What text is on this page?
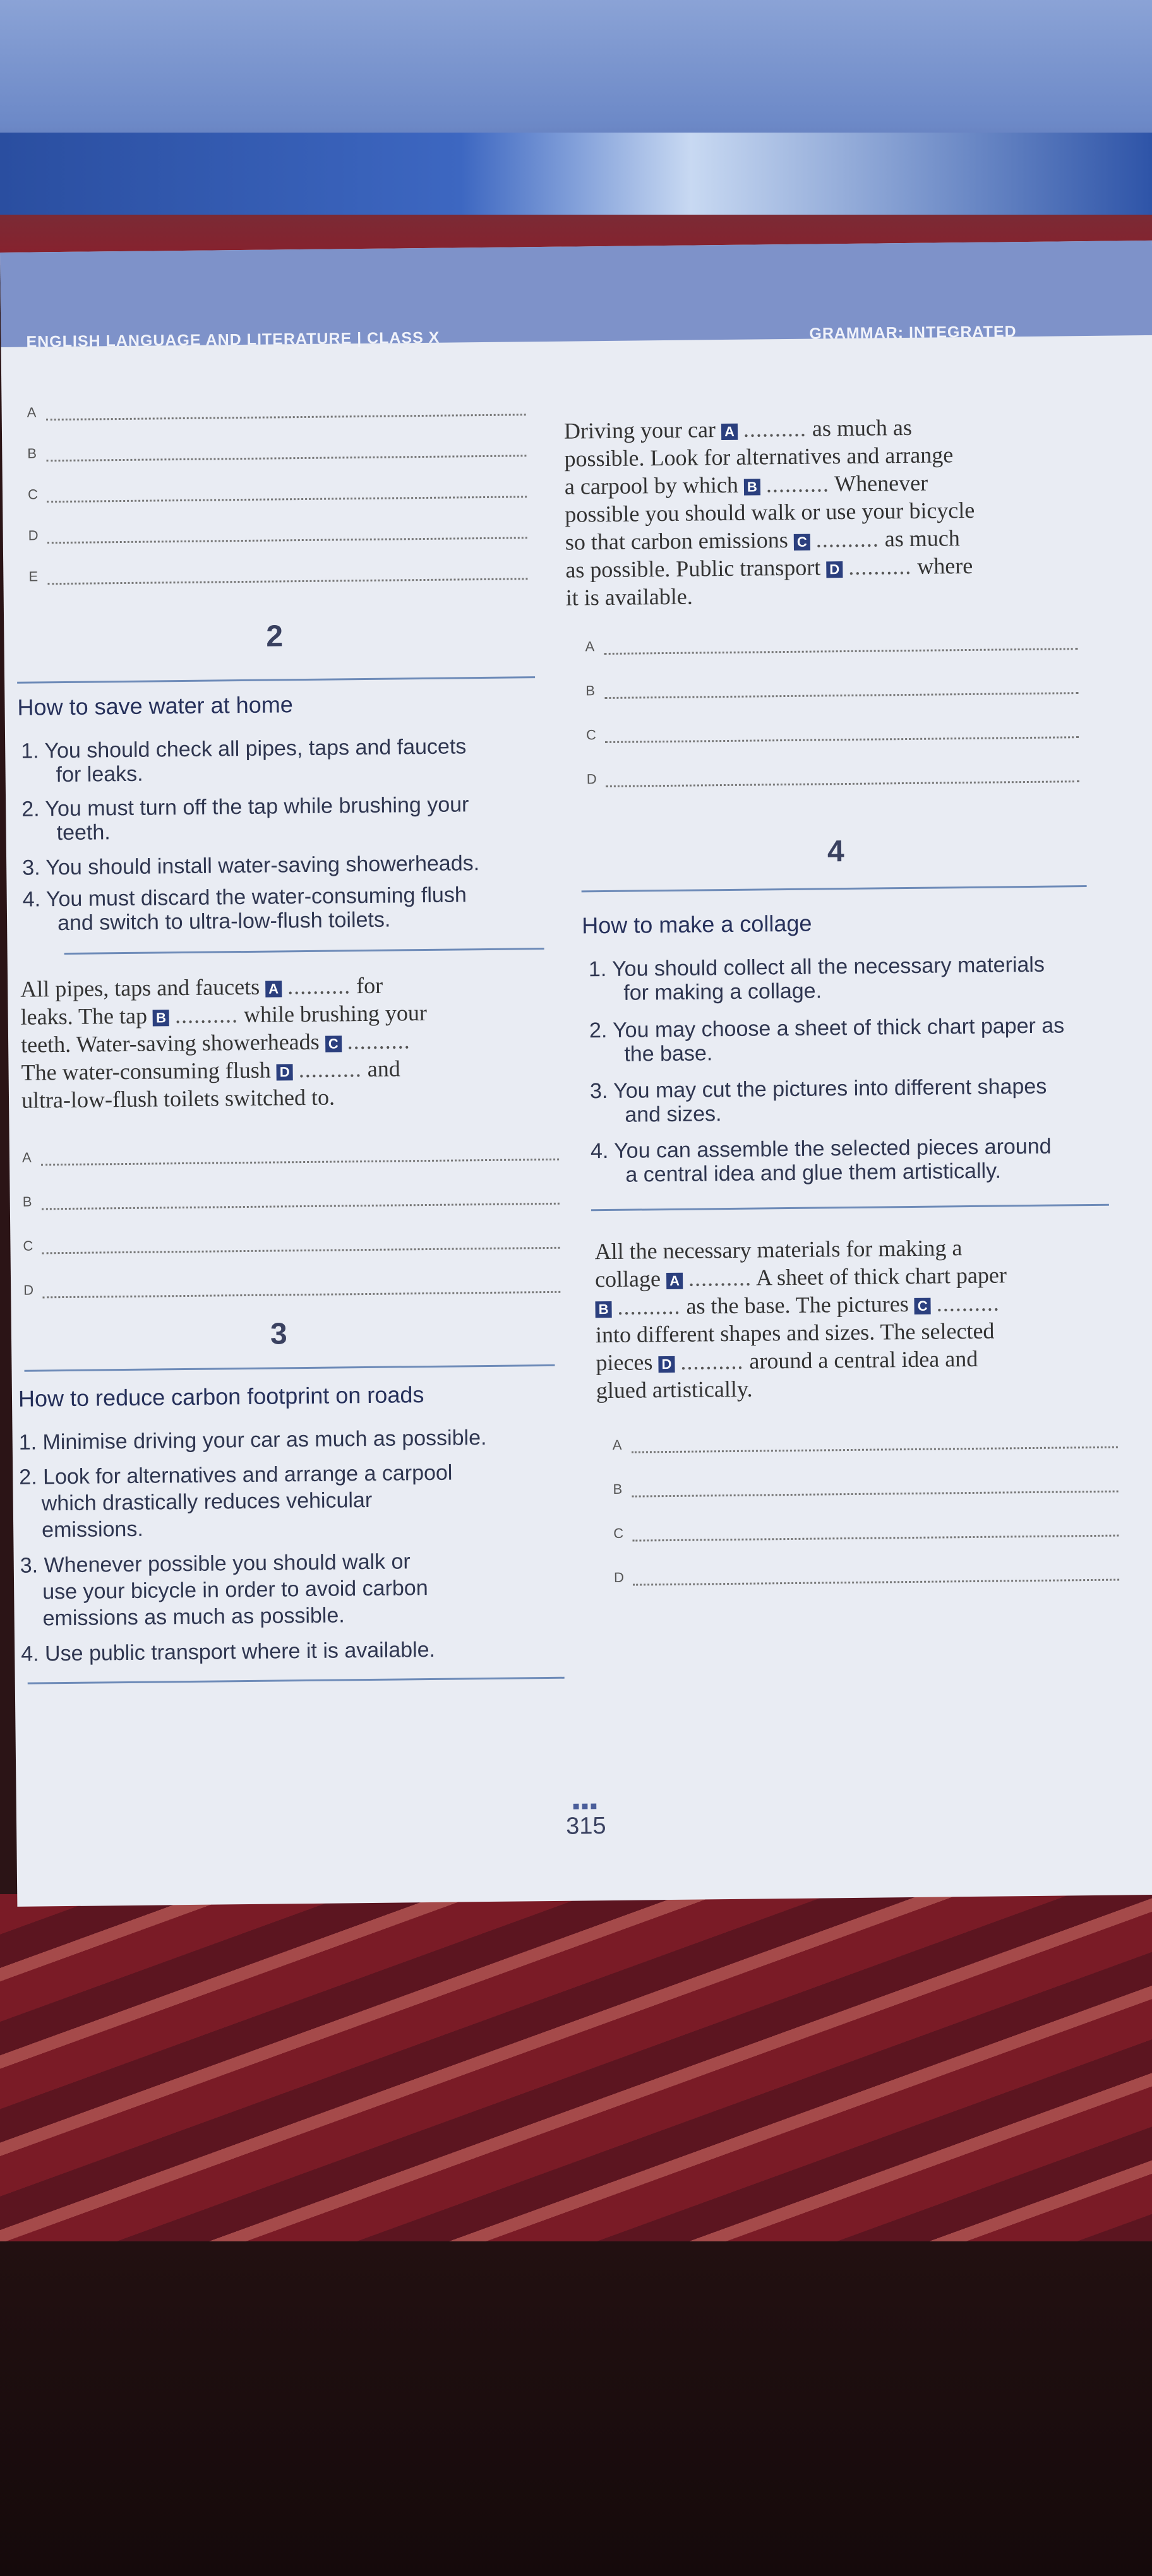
ENGLISH LANGUAGE AND LITERATURE | CLASS X	GRAMMAR: INTEGRATED
A
B
C
D
E
Driving your car A .......... as much as
possible. Look for alternatives and arrange
a carpool by which B .......... Whenever
possible you should walk or use your bicycle
so that carbon emissions C .......... as much
as possible. Public transport D .......... where
it is available.
2
How to save water at home
1. You should check all pipes, taps and faucets
for leaks.
2. You must turn off the tap while brushing your
teeth.
3. You should install water-saving showerheads.
4. You must discard the water-consuming flush
and switch to ultra-low-flush toilets.
All pipes, taps and faucets A .......... for
leaks. The tap B .......... while brushing your
teeth. Water-saving showerheads C ..........
The water-consuming flush D .......... and
ultra-low-flush toilets switched to.
A
B
C
D
3
How to reduce carbon footprint on roads
1. Minimise driving your car as much as possible.
2. Look for alternatives and arrange a carpool
which drastically reduces vehicular
emissions.
3. Whenever possible you should walk or
use your bicycle in order to avoid carbon
emissions as much as possible.
4. Use public transport where it is available.
A
B
C
D
4
How to make a collage
1. You should collect all the necessary materials
for making a collage.
2. You may choose a sheet of thick chart paper as
the base.
3. You may cut the pictures into different shapes
and sizes.
4. You can assemble the selected pieces around
a central idea and glue them artistically.
All the necessary materials for making a
collage A .......... A sheet of thick chart paper
B .......... as the base. The pictures C ..........
into different shapes and sizes. The selected
pieces D .......... around a central idea and
glued artistically.
A
B
C
D
■■■
315
